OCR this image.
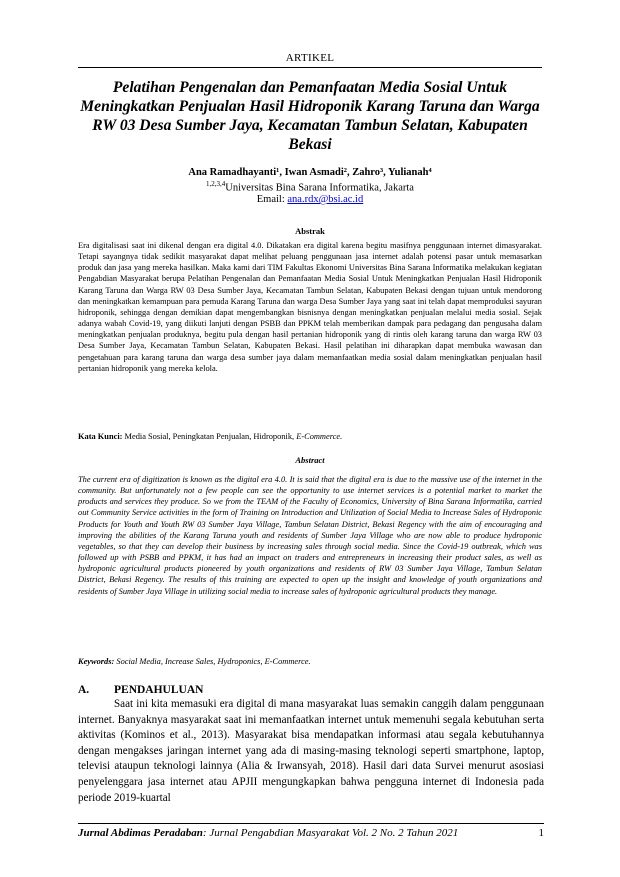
ARTIKEL
Pelatihan Pengenalan dan Pemanfaatan Media Sosial Untuk Meningkatkan Penjualan Hasil Hidroponik Karang Taruna dan Warga RW 03 Desa Sumber Jaya, Kecamatan Tambun Selatan, Kabupaten Bekasi
Ana Ramadhayanti¹, Iwan Asmadi², Zahro³, Yulianah⁴
$^{1,2,3,4}$Universitas Bina Sarana Informatika, Jakarta
Email: ana.rdx@bsi.ac.id
Abstrak
Era digitalisasi saat ini dikenal dengan era digital 4.0. Dikatakan era digital karena begitu masifnya penggunaan internet dimasyarakat. Tetapi sayangnya tidak sedikit masyarakat dapat melihat peluang penggunaan jasa internet adalah potensi pasar untuk memasarkan produk dan jasa yang mereka hasilkan. Maka kami dari TIM Fakultas Ekonomi Universitas Bina Sarana Informatika melakukan kegiatan Pengabdian Masyarakat berupa Pelatihan Pengenalan dan Pemanfaatan Media Sosial Untuk Meningkatkan Penjualan Hasil Hidroponik Karang Taruna dan Warga RW 03 Desa Sumber Jaya, Kecamatan Tambun Selatan, Kabupaten Bekasi dengan tujuan untuk mendorong dan meningkatkan kemampuan para pemuda Karang Taruna dan warga Desa Sumber Jaya yang saat ini telah dapat memproduksi sayuran hidroponik, sehingga dengan demikian dapat mengembangkan bisnisnya dengan meningkatkan penjualan melalui media sosial. Sejak adanya wabah Covid-19, yang diikuti lanjuti dengan PSBB dan PPKM telah memberikan dampak para pedagang dan pengusaha dalam meningkatkan penjualan produknya, begitu pula dengan hasil pertanian hidroponik yang di rintis oleh karang taruna dan warga RW 03 Desa Sumber Jaya, Kecamatan Tambun Selatan, Kabupaten Bekasi. Hasil pelatihan ini diharapkan dapat membuka wawasan dan pengetahuan para karang taruna dan warga desa sumber jaya dalam memanfaatkan media sosial dalam meningkatkan penjualan hasil pertanian hidroponik yang mereka kelola.
Kata Kunci: Media Sosial, Peningkatan Penjualan, Hidroponik, E-Commerce.
Abstract
The current era of digitization is known as the digital era 4.0. It is said that the digital era is due to the massive use of the internet in the community. But unfortunately not a few people can see the opportunity to use internet services is a potential market to market the products and services they produce. So we from the TEAM of the Faculty of Economics, University of Bina Sarana Informatika, carried out Community Service activities in the form of Training on Introduction and Utilization of Social Media to Increase Sales of Hydroponic Products for Youth and Youth RW 03 Sumber Jaya Village, Tambun Selatan District, Bekasi Regency with the aim of encouraging and improving the abilities of the Karang Taruna youth and residents of Sumber Jaya Village who are now able to produce hydroponic vegetables, so that they can develop their business by increasing sales through social media. Since the Covid-19 outbreak, which was followed up with PSBB and PPKM, it has had an impact on traders and entrepreneurs in increasing their product sales, as well as hydroponic agricultural products pioneered by youth organizations and residents of RW 03 Sumber Jaya Village, Tambun Selatan District, Bekasi Regency. The results of this training are expected to open up the insight and knowledge of youth organizations and residents of Sumber Jaya Village in utilizing social media to increase sales of hydroponic agricultural products they manage.
Keywords: Social Media, Increase Sales, Hydroponics, E-Commerce.
A. PENDAHULUAN

Saat ini kita memasuki era digital di mana masyarakat luas semakin canggih dalam penggunaan internet. Banyaknya masyarakat saat ini memanfaatkan internet untuk memenuhi segala kebutuhan serta aktivitas (Kominos et al., 2013). Masyarakat bisa mendapatkan informasi atau segala kebutuhannya dengan mengakses jaringan internet yang ada di masing-masing teknologi seperti smartphone, laptop, televisi ataupun teknologi lainnya (Alia & Irwansyah, 2018). Hasil dari data Survei menurut asosiasi penyelenggara jasa internet atau APJII mengungkapkan bahwa pengguna internet di Indonesia pada periode 2019-kuartal

Jurnal Abdimas Peradaban: Jurnal Pengabdian Masyarakat Vol. 2 No. 2 Tahun 2021	1
